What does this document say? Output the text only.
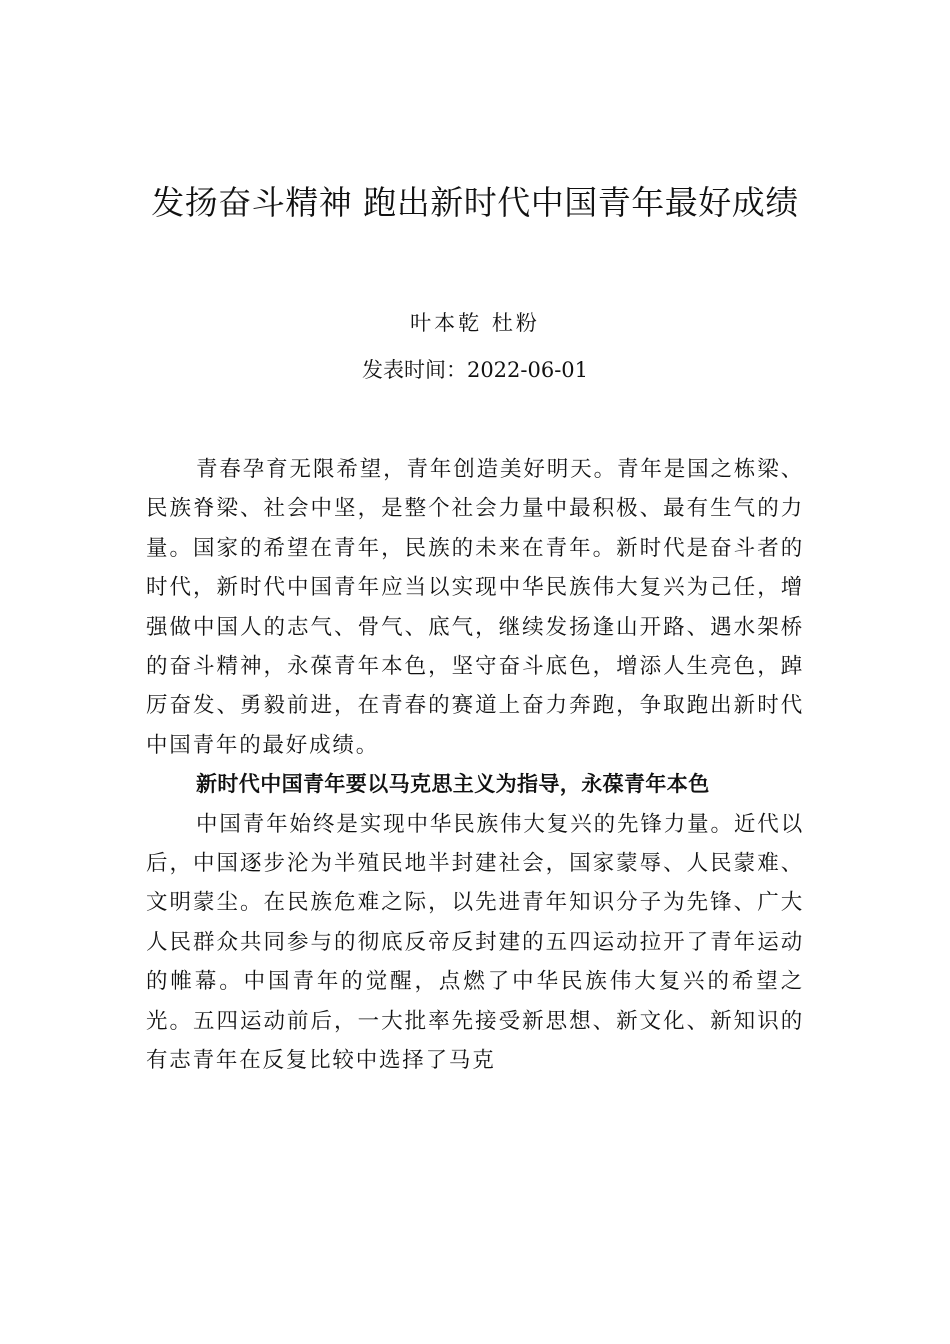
发扬奋斗精神 跑出新时代中国青年最好成绩
叶本乾 杜粉
发表时间：2022-06-01

青春孕育无限希望，青年创造美好明天。青年是国之栋梁、民族脊梁、社会中坚，是整个社会力量中最积极、最有生气的力量。国家的希望在青年，民族的未来在青年。新时代是奋斗者的时代，新时代中国青年应当以实现中华民族伟大复兴为己任，增强做中国人的志气、骨气、底气，继续发扬逢山开路、遇水架桥的奋斗精神，永葆青年本色，坚守奋斗底色，增添人生亮色，踔厉奋发、勇毅前进，在青春的赛道上奋力奔跑，争取跑出新时代中国青年的最好成绩。

新时代中国青年要以马克思主义为指导，永葆青年本色

中国青年始终是实现中华民族伟大复兴的先锋力量。近代以后，中国逐步沦为半殖民地半封建社会，国家蒙辱、人民蒙难、文明蒙尘。在民族危难之际，以先进青年知识分子为先锋、广大人民群众共同参与的彻底反帝反封建的五四运动拉开了青年运动的帷幕。中国青年的觉醒，点燃了中华民族伟大复兴的希望之光。五四运动前后，一大批率先接受新思想、新文化、新知识的有志青年在反复比较中选择了马克
